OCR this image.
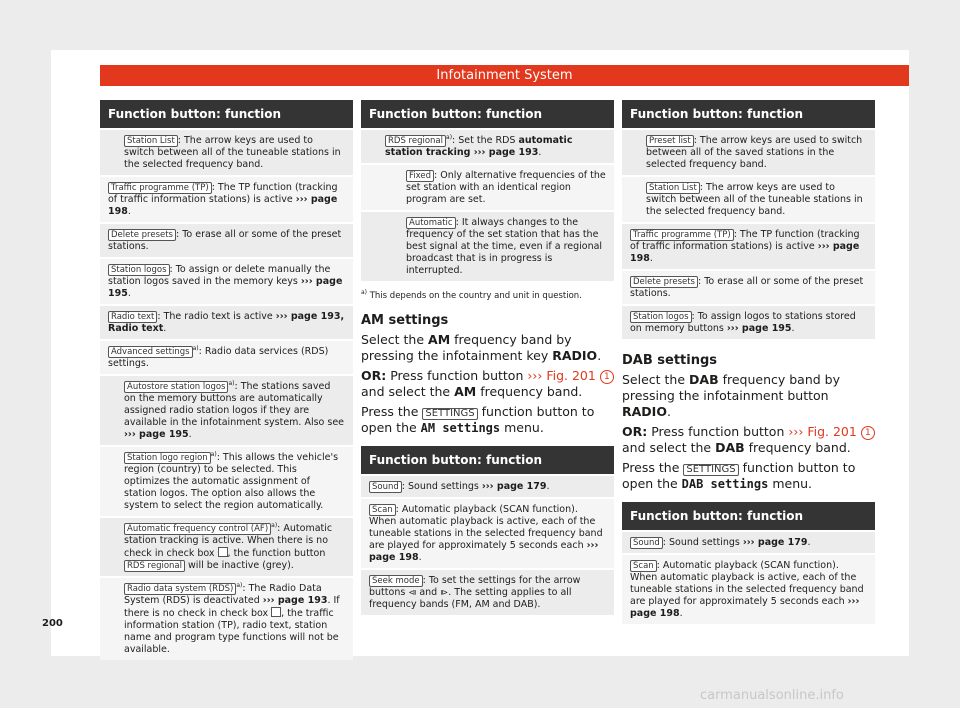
Infotainment System
Function button: function
Station List : The arrow keys are used to switch between all of the tuneable stations in the selected frequency band.
Traffic programme (TP) : The TP function (tracking of traffic information stations) is active ››› page 198.
Delete presets : To erase all or some of the preset stations.
Station logos : To assign or delete manually the station logos saved in the memory keys ››› page 195.
Radio text : The radio text is active ››› page 193, Radio text.
Advanced settings $^{a)}$: Radio data services (RDS) settings.
Autostore station logos $^{a)}$: The stations saved on the memory buttons are automatically assigned radio station logos if they are available in the infotainment system. Also see ››› page 195.
Station logo region $^{a)}$: This allows the vehicle's region (country) to be selected. This optimizes the automatic assignment of station logos. The option also allows the system to select the region automatically.
Automatic frequency control (AF) $^{a)}$: Automatic station tracking is active. When there is no check in check box , the function button RDS regional will be inactive (grey).
Radio data system (RDS) $^{a)}$: The Radio Data System (RDS) is deactivated ››› page 193. If there is no check in check box , the traffic information station (TP), radio text, station name and program type functions will not be available.
Function button: function
RDS regional $^{a)}$: Set the RDS automatic station tracking ››› page 193.
Fixed : Only alternative frequencies of the set station with an identical region program are set.
Automatic : It always changes to the frequency of the set station that has the best signal at the time, even if a regional broadcast that is in progress is interrupted.
$^{a)}$ This depends on the country and unit in question.
AM settings
Select the AM frequency band by pressing the infotainment key RADIO.
OR: Press function button ››› Fig. 201 1 and select the AM frequency band.
Press the SETTINGS function button to open the AM settings menu.
Function button: function
Sound : Sound settings ››› page 179.
Scan : Automatic playback (SCAN function). When automatic playback is active, each of the tuneable stations in the selected frequency band are played for approximately 5 seconds each ››› page 198.
Seek mode : To set the settings for the arrow buttons ⧏ and ⧐. The setting applies to all frequency bands (FM, AM and DAB).
Function button: function
Preset list : The arrow keys are used to switch between all of the saved stations in the selected frequency band.
Station List : The arrow keys are used to switch between all of the tuneable stations in the selected frequency band.
Traffic programme (TP) : The TP function (tracking of traffic information stations) is active ››› page 198.
Delete presets : To erase all or some of the preset stations.
Station logos : To assign logos to stations stored on memory buttons ››› page 195.
DAB settings
Select the DAB frequency band by pressing the infotainment button RADIO.
OR: Press function button ››› Fig. 201 1 and select the DAB frequency band.
Press the SETTINGS function button to open the DAB settings menu.
Function button: function
Sound : Sound settings ››› page 179.
Scan : Automatic playback (SCAN function). When automatic playback is active, each of the tuneable stations in the selected frequency band are played for approximately 5 seconds each ››› page 198.
200
carmanualsonline.info
